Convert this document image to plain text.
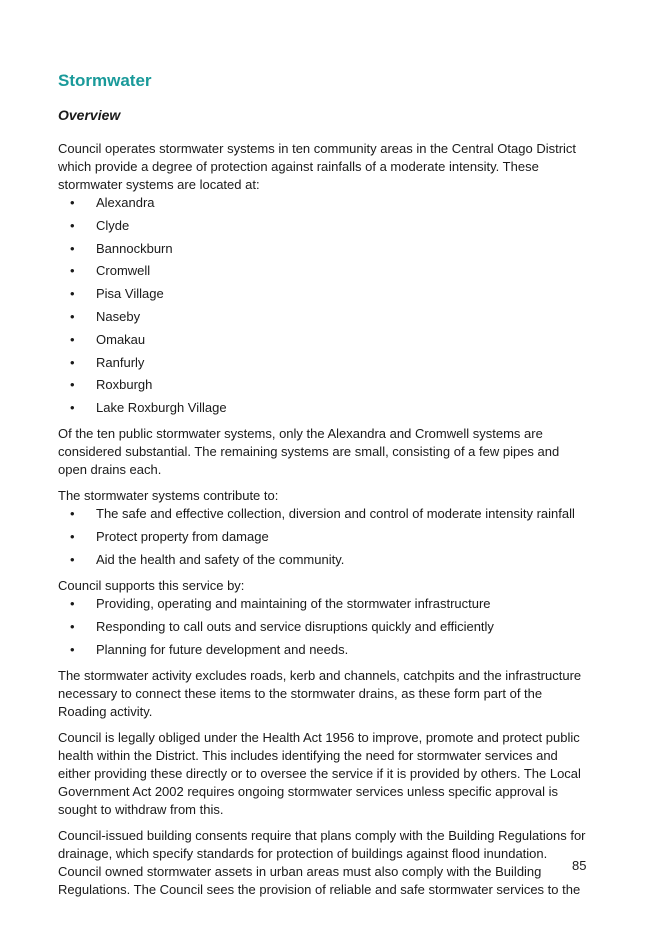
Stormwater
Overview

Council operates stormwater systems in ten community areas in the Central Otago District which provide a degree of protection against rainfalls of a moderate intensity. These stormwater systems are located at:

• Alexandra
• Clyde
• Bannockburn
• Cromwell
• Pisa Village
• Naseby
• Omakau
• Ranfurly
• Roxburgh
• Lake Roxburgh Village

Of the ten public stormwater systems, only the Alexandra and Cromwell systems are considered substantial. The remaining systems are small, consisting of a few pipes and open drains each.

The stormwater systems contribute to:

• The safe and effective collection, diversion and control of moderate intensity rainfall
• Protect property from damage
• Aid the health and safety of the community.

Council supports this service by:

• Providing, operating and maintaining of the stormwater infrastructure
• Responding to call outs and service disruptions quickly and efficiently
• Planning for future development and needs.

The stormwater activity excludes roads, kerb and channels, catchpits and the infrastructure necessary to connect these items to the stormwater drains, as these form part of the Roading activity.

Council is legally obliged under the Health Act 1956 to improve, promote and protect public health within the District. This includes identifying the need for stormwater services and either providing these directly or to oversee the service if it is provided by others. The Local Government Act 2002 requires ongoing stormwater services unless specific approval is sought to withdraw from this.

Council-issued building consents require that plans comply with the Building Regulations for drainage, which specify standards for protection of buildings against flood inundation. Council owned stormwater assets in urban areas must also comply with the Building Regulations. The Council sees the provision of reliable and safe stormwater services to the

85
